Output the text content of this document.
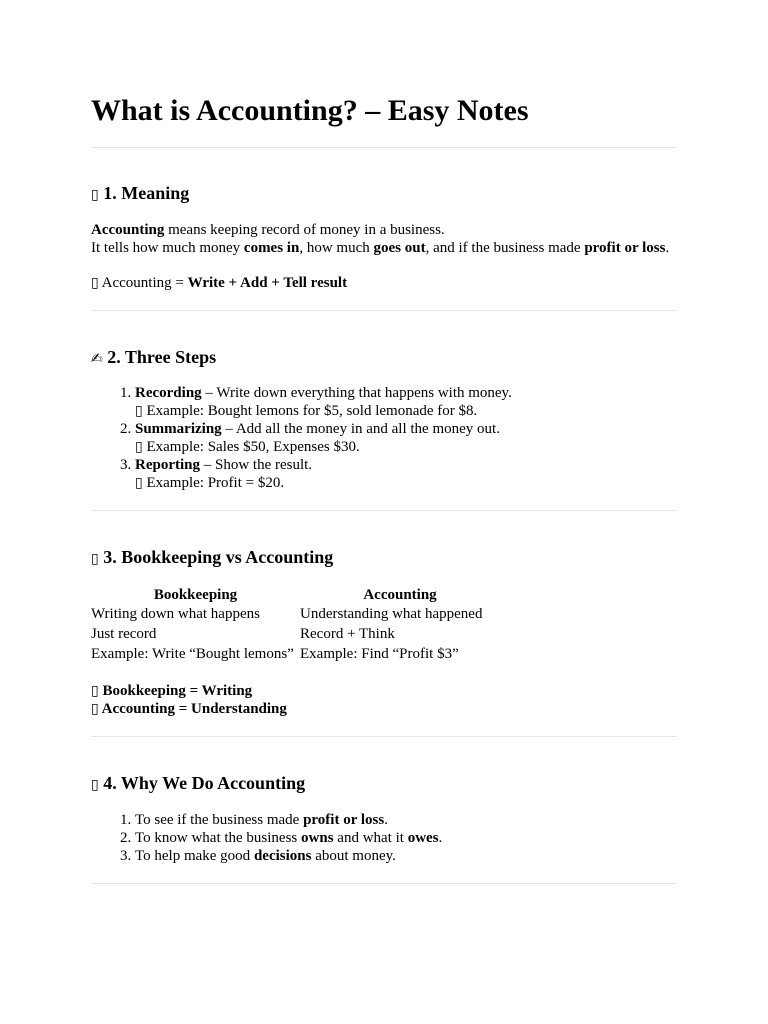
What is Accounting? – Easy Notes
▯ 1. Meaning

Accounting means keeping record of money in a business.

It tells how much money comes in, how much goes out, and if the business made profit or loss.

▯ Accounting = Write + Add + Tell result

✍ 2. Three Steps
1. Recording – Write down everything that happens with money.
▯ Example: Bought lemons for $5, sold lemonade for $8.
2. Summarizing – Add all the money in and all the money out.
▯ Example: Sales $50, Expenses $30.
3. Reporting – Show the result.
▯ Example: Profit = $20.
▯ 3. Bookkeeping vs Accounting
Bookkeeping	Accounting
Writing down what happens	Understanding what happened
Just record	Record + Think
Example: Write “Bought lemons”	Example: Find “Profit $3”

▯ Bookkeeping = Writing

▯ Accounting = Understanding

▯ 4. Why We Do Accounting
1. To see if the business made profit or loss.
2. To know what the business owns and what it owes.
3. To help make good decisions about money.
